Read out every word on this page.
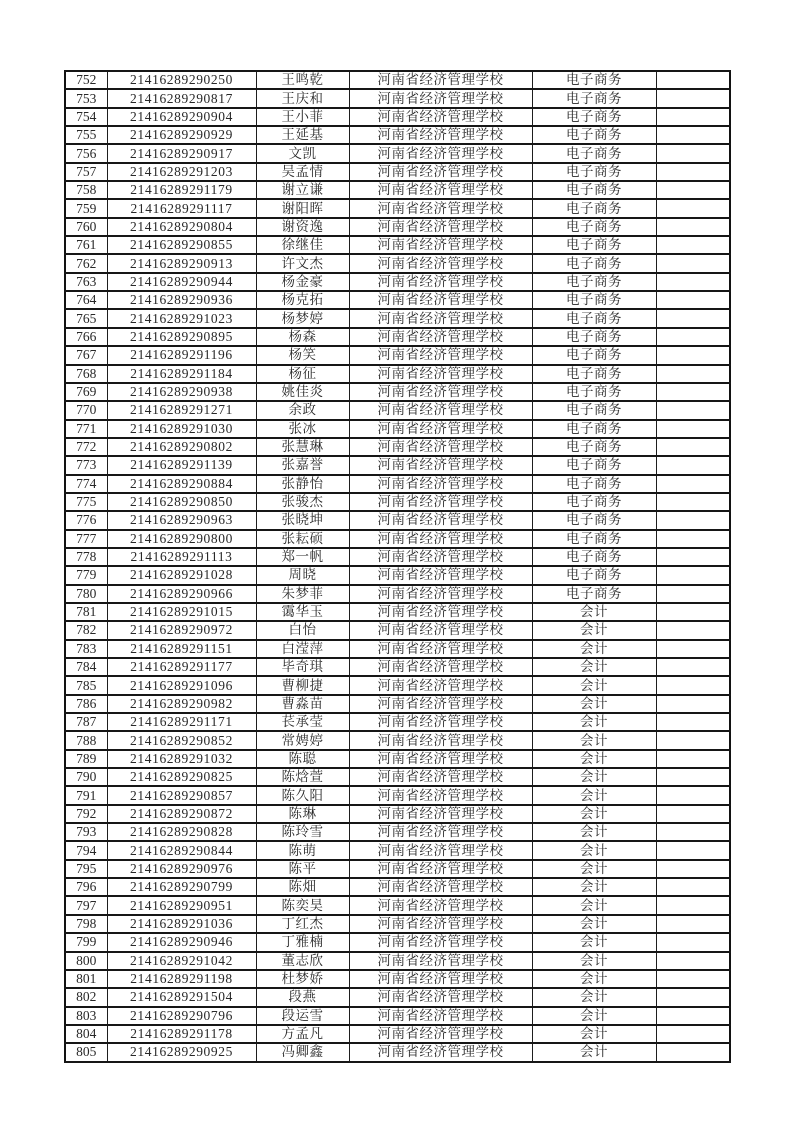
752	21416289290250	王鸣乾	河南省经济管理学校	电子商务	
753	21416289290817	王庆和	河南省经济管理学校	电子商务	
754	21416289290904	王小菲	河南省经济管理学校	电子商务	
755	21416289290929	王延基	河南省经济管理学校	电子商务	
756	21416289290917	文凯	河南省经济管理学校	电子商务	
757	21416289291203	吴孟情	河南省经济管理学校	电子商务	
758	21416289291179	谢立谦	河南省经济管理学校	电子商务	
759	21416289291117	谢阳晖	河南省经济管理学校	电子商务	
760	21416289290804	谢资逸	河南省经济管理学校	电子商务	
761	21416289290855	徐继佳	河南省经济管理学校	电子商务	
762	21416289290913	许文杰	河南省经济管理学校	电子商务	
763	21416289290944	杨金豪	河南省经济管理学校	电子商务	
764	21416289290936	杨克拓	河南省经济管理学校	电子商务	
765	21416289291023	杨梦婷	河南省经济管理学校	电子商务	
766	21416289290895	杨森	河南省经济管理学校	电子商务	
767	21416289291196	杨笑	河南省经济管理学校	电子商务	
768	21416289291184	杨征	河南省经济管理学校	电子商务	
769	21416289290938	姚佳炎	河南省经济管理学校	电子商务	
770	21416289291271	余政	河南省经济管理学校	电子商务	
771	21416289291030	张冰	河南省经济管理学校	电子商务	
772	21416289290802	张慧琳	河南省经济管理学校	电子商务	
773	21416289291139	张嘉誉	河南省经济管理学校	电子商务	
774	21416289290884	张静怡	河南省经济管理学校	电子商务	
775	21416289290850	张骏杰	河南省经济管理学校	电子商务	
776	21416289290963	张晓坤	河南省经济管理学校	电子商务	
777	21416289290800	张耘硕	河南省经济管理学校	电子商务	
778	21416289291113	郑一帆	河南省经济管理学校	电子商务	
779	21416289291028	周晓	河南省经济管理学校	电子商务	
780	21416289290966	朱梦菲	河南省经济管理学校	电子商务	
781	21416289291015	霭华玉	河南省经济管理学校	会计	
782	21416289290972	白怡	河南省经济管理学校	会计	
783	21416289291151	白滢萍	河南省经济管理学校	会计	
784	21416289291177	毕奇琪	河南省经济管理学校	会计	
785	21416289291096	曹柳捷	河南省经济管理学校	会计	
786	21416289290982	曹淼苗	河南省经济管理学校	会计	
787	21416289291171	苌承莹	河南省经济管理学校	会计	
788	21416289290852	常娉婷	河南省经济管理学校	会计	
789	21416289291032	陈聪	河南省经济管理学校	会计	
790	21416289290825	陈焓萱	河南省经济管理学校	会计	
791	21416289290857	陈久阳	河南省经济管理学校	会计	
792	21416289290872	陈琳	河南省经济管理学校	会计	
793	21416289290828	陈玲雪	河南省经济管理学校	会计	
794	21416289290844	陈萌	河南省经济管理学校	会计	
795	21416289290976	陈平	河南省经济管理学校	会计	
796	21416289290799	陈畑	河南省经济管理学校	会计	
797	21416289290951	陈奕昊	河南省经济管理学校	会计	
798	21416289291036	丁红杰	河南省经济管理学校	会计	
799	21416289290946	丁雅楠	河南省经济管理学校	会计	
800	21416289291042	董志欣	河南省经济管理学校	会计	
801	21416289291198	杜梦娇	河南省经济管理学校	会计	
802	21416289291504	段燕	河南省经济管理学校	会计	
803	21416289290796	段运雪	河南省经济管理学校	会计	
804	21416289291178	方孟凡	河南省经济管理学校	会计	
805	21416289290925	冯卿鑫	河南省经济管理学校	会计	
